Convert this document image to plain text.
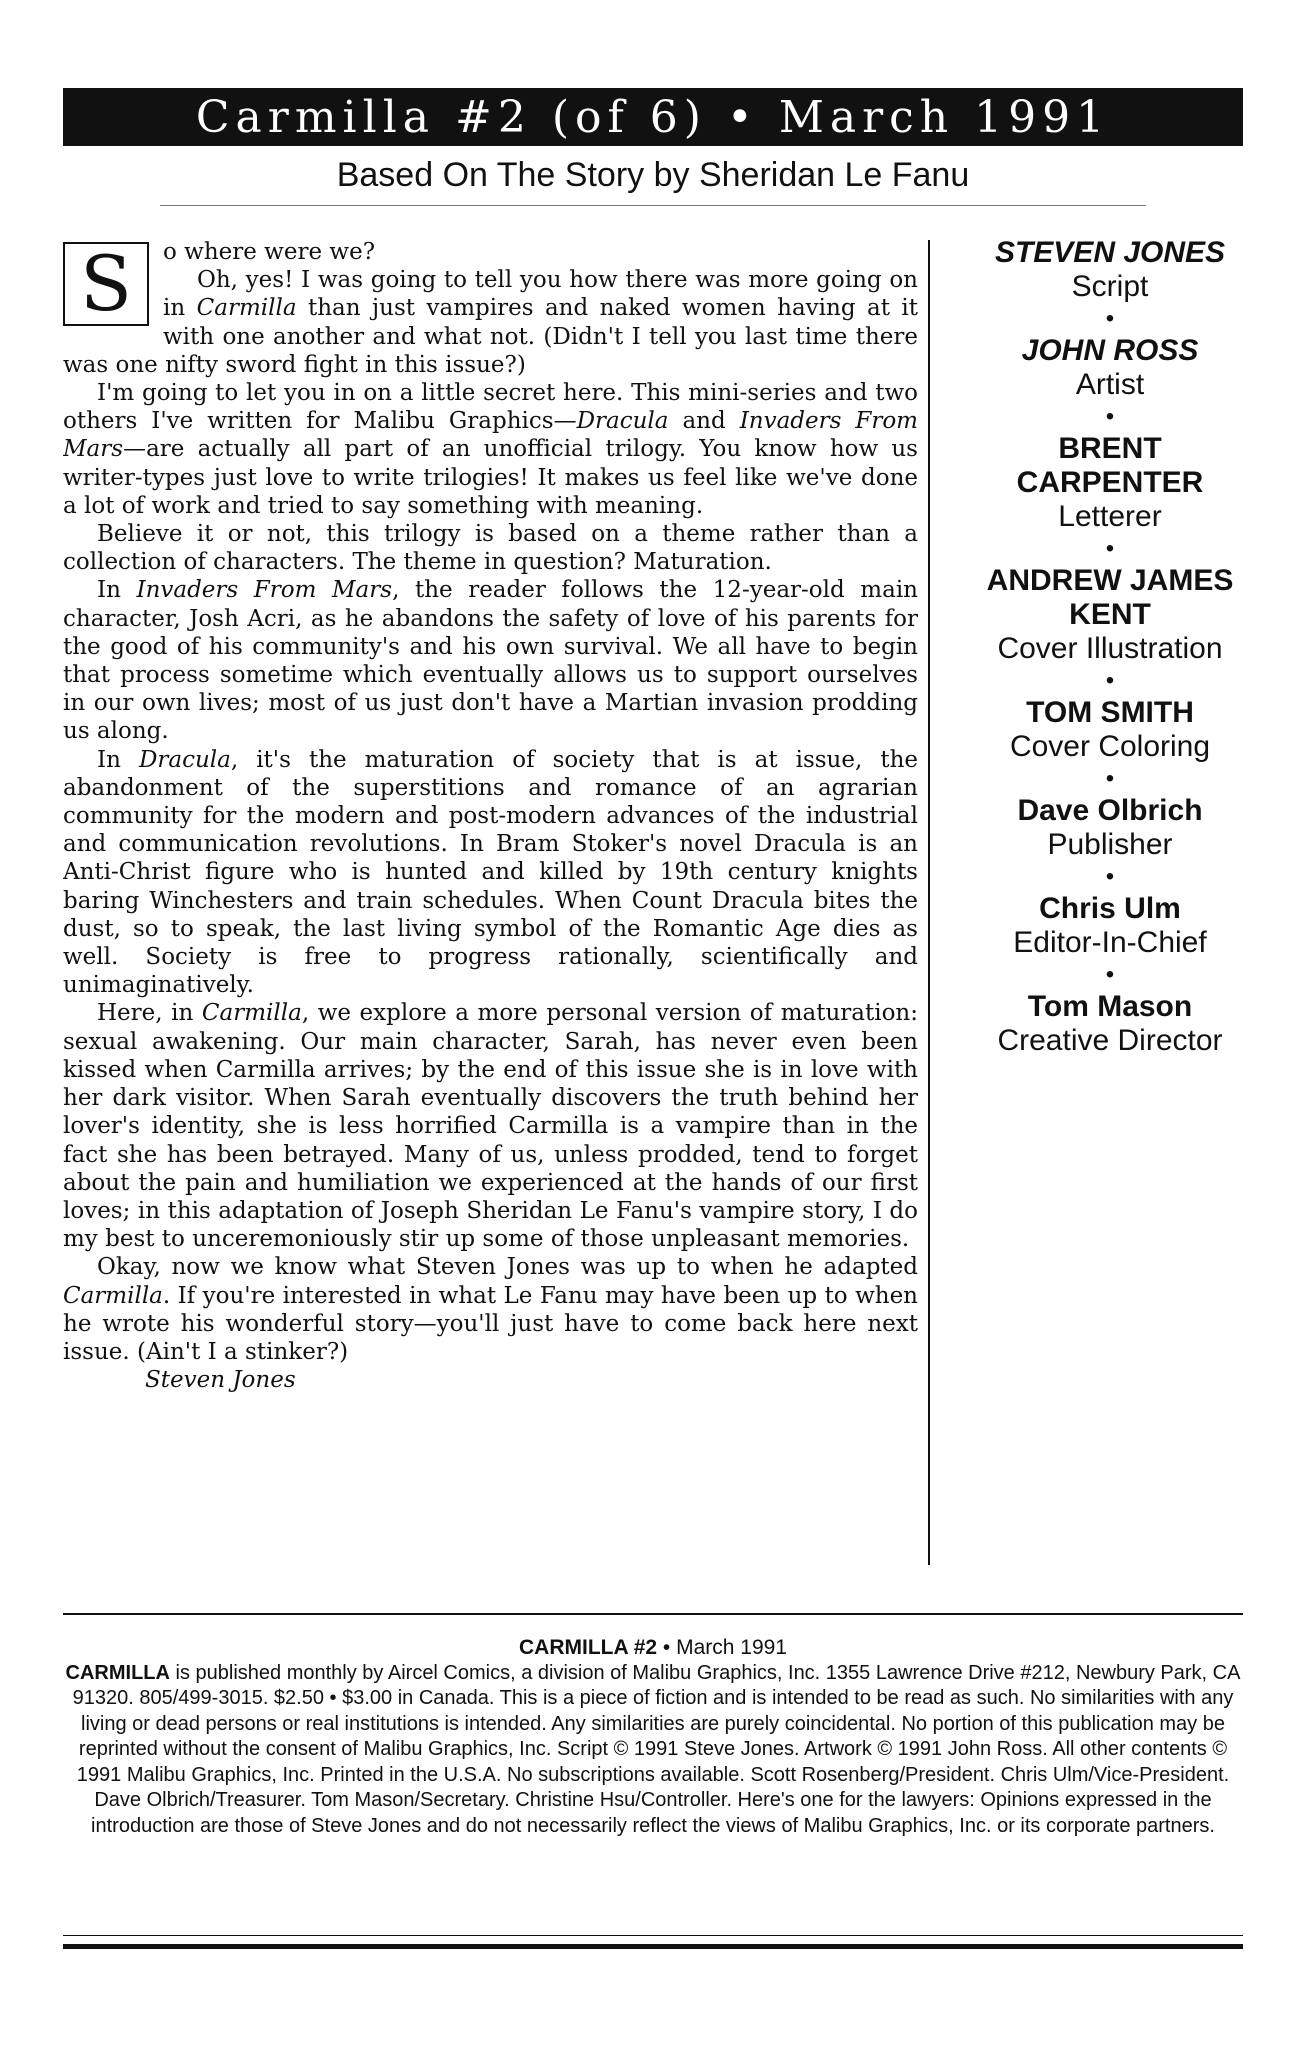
Carmilla #2 (of 6) • March 1991
Based On The Story by Sheridan Le Fanu

S	o where were we?

Oh, yes! I was going to tell you how there was more going on in Carmilla than just vampires and naked women having at it with one another and what not. (Didn't I tell you last time there was one nifty sword fight in this issue?)

I'm going to let you in on a little secret here. This mini-series and two others I've written for Malibu Graphics—Dracula and Invaders From Mars—are actually all part of an unofficial trilogy. You know how us writer-types just love to write trilogies! It makes us feel like we've done a lot of work and tried to say something with meaning.

Believe it or not, this trilogy is based on a theme rather than a collection of characters. The theme in question? Maturation.

In Invaders From Mars, the reader follows the 12-year-old main character, Josh Acri, as he abandons the safety of love of his parents for the good of his community's and his own survival. We all have to begin that process sometime which eventually allows us to support ourselves in our own lives; most of us just don't have a Martian invasion prodding us along.

In Dracula, it's the maturation of society that is at issue, the abandonment of the superstitions and romance of an agrarian community for the modern and post-modern advances of the industrial and communication revolutions. In Bram Stoker's novel Dracula is an Anti-Christ figure who is hunted and killed by 19th century knights baring Winchesters and train schedules. When Count Dracula bites the dust, so to speak, the last living symbol of the Romantic Age dies as well. Society is free to progress rationally, scientifically and unimaginatively.

Here, in Carmilla, we explore a more personal version of maturation: sexual awakening. Our main character, Sarah, has never even been kissed when Carmilla arrives; by the end of this issue she is in love with her dark visitor. When Sarah eventually discovers the truth behind her lover's identity, she is less horrified Carmilla is a vampire than in the fact she has been betrayed. Many of us, unless prodded, tend to forget about the pain and humiliation we experienced at the hands of our first loves; in this adaptation of Joseph Sheridan Le Fanu's vampire story, I do my best to unceremoniously stir up some of those unpleasant memories.

Okay, now we know what Steven Jones was up to when he adapted Carmilla. If you're interested in what Le Fanu may have been up to when he wrote his wonderful story—you'll just have to come back here next issue. (Ain't I a stinker?)

Steven Jones

STEVEN JONES
Script
•
JOHN ROSS
Artist
•
BRENT CARPENTER
Letterer
•
ANDREW JAMES KENT
Cover Illustration
•
TOM SMITH
Cover Coloring
•
Dave Olbrich
Publisher
•
Chris Ulm
Editor-In-Chief
•
Tom Mason
Creative Director
CARMILLA #2 • March 1991
CARMILLA is published monthly by Aircel Comics, a division of Malibu Graphics, Inc. 1355 Lawrence Drive #212, Newbury Park, CA 91320. 805/499-3015. $2.50 • $3.00 in Canada. This is a piece of fiction and is intended to be read as such. No similarities with any living or dead persons or real institutions is intended. Any similarities are purely coincidental. No portion of this publication may be reprinted without the consent of Malibu Graphics, Inc. Script © 1991 Steve Jones. Artwork © 1991 John Ross. All other contents © 1991 Malibu Graphics, Inc. Printed in the U.S.A. No subscriptions available. Scott Rosenberg/President. Chris Ulm/Vice-President. Dave Olbrich/Treasurer. Tom Mason/Secretary. Christine Hsu/Controller. Here's one for the lawyers: Opinions expressed in the introduction are those of Steve Jones and do not necessarily reflect the views of Malibu Graphics, Inc. or its corporate partners.
